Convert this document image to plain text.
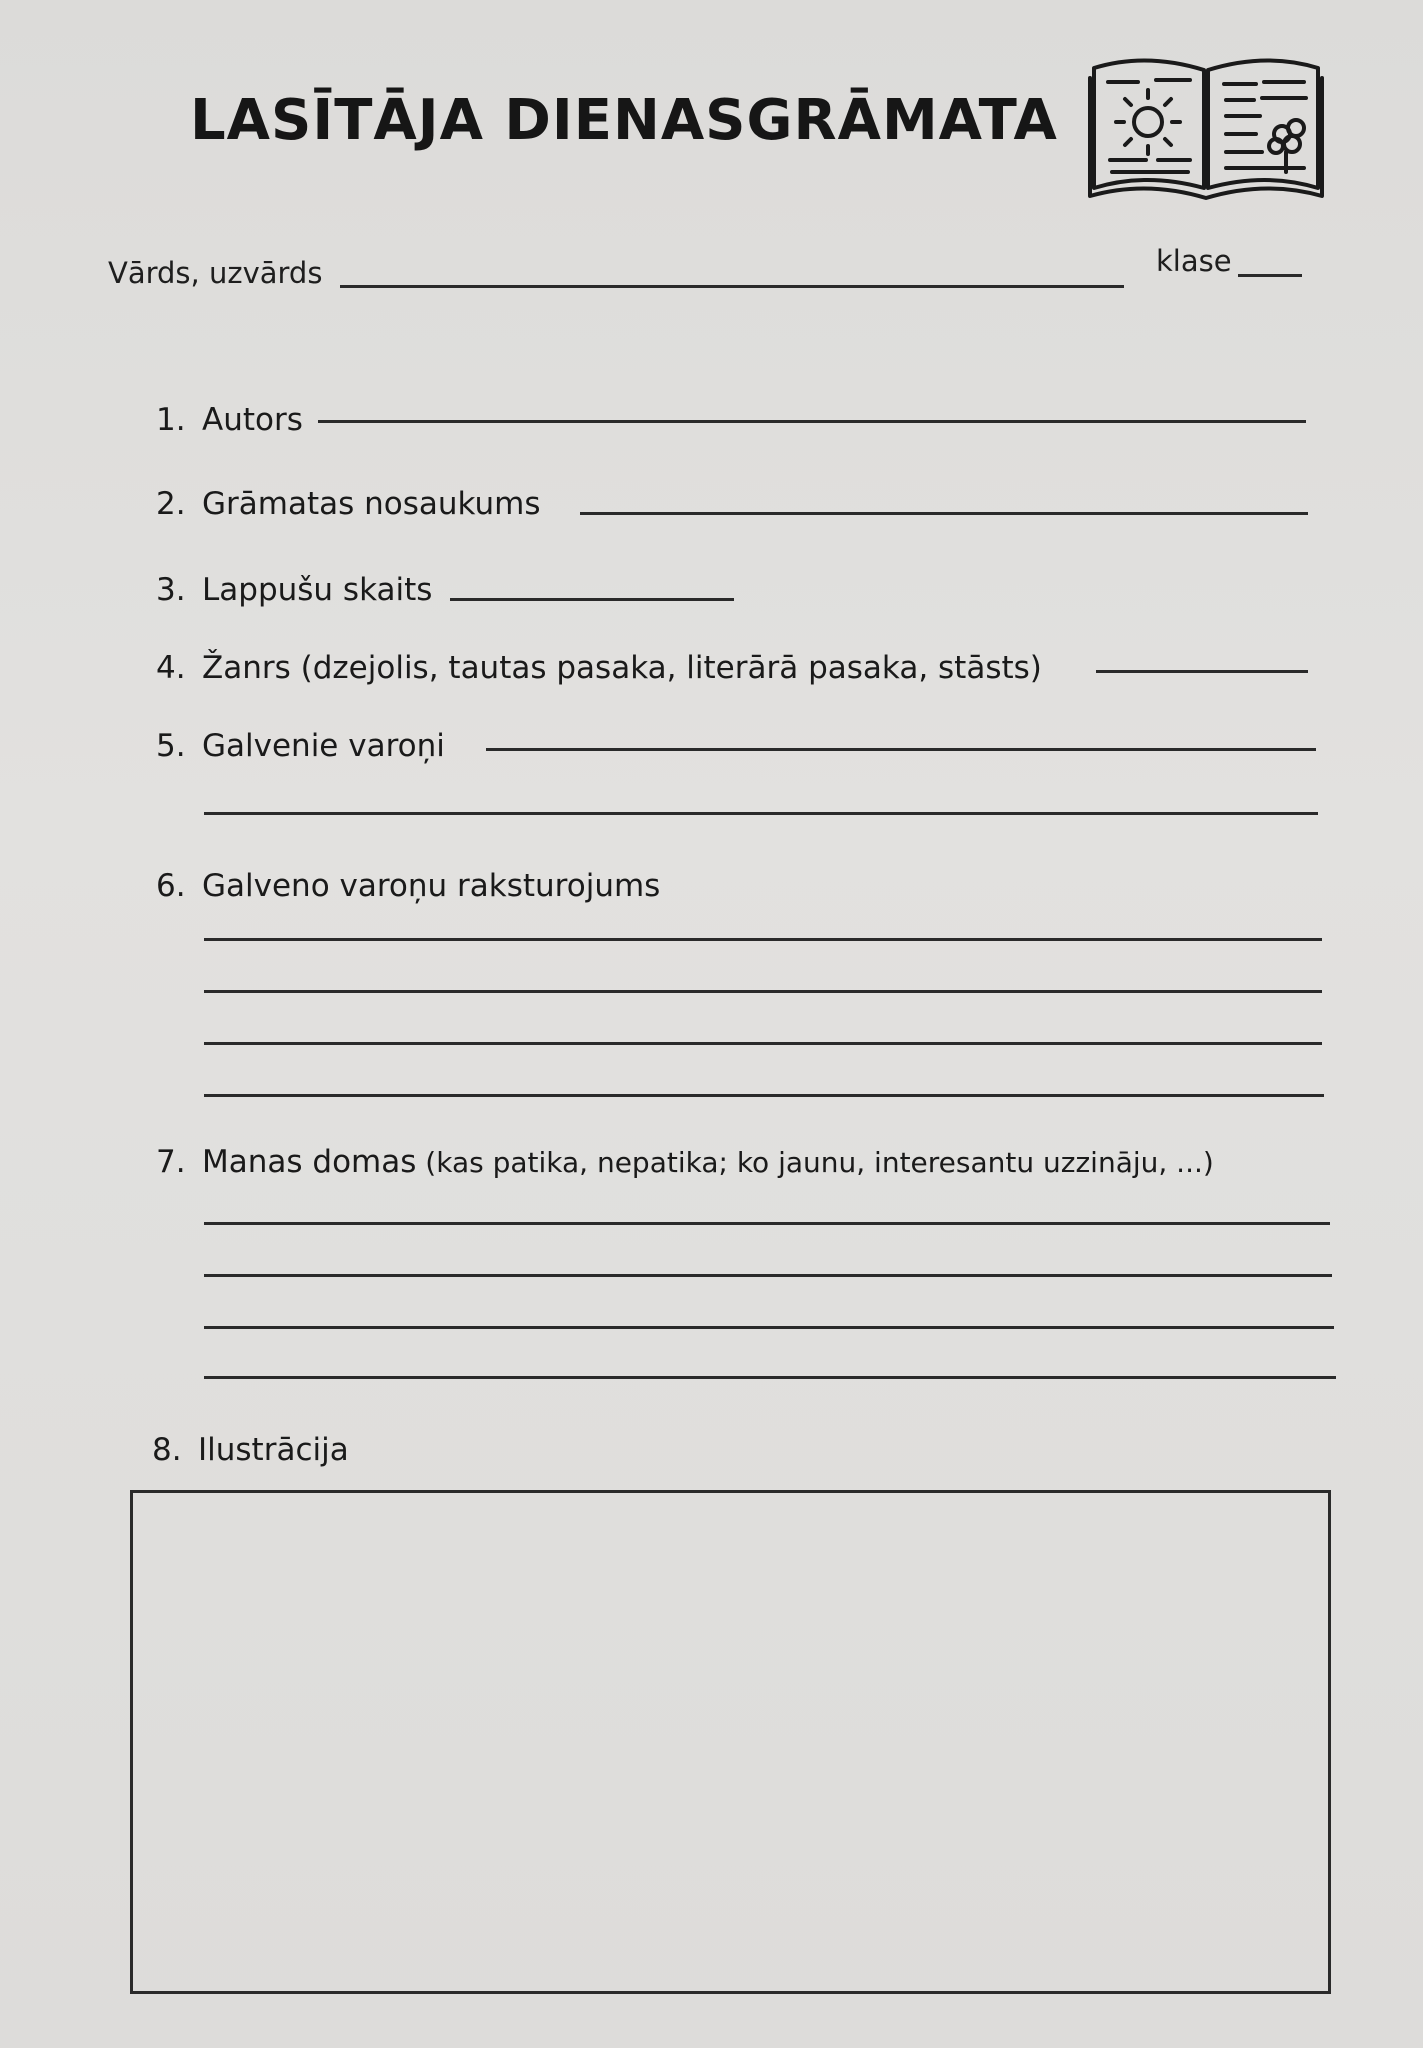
LASĪTĀJA DIENASGRĀMATA
Vārds, uzvārds	klase
1. Autors
2. Grāmatas nosaukums
3. Lappušu skaits
4. Žanrs (dzejolis, tautas pasaka, literārā pasaka, stāsts)
5. Galvenie varoņi
6. Galveno varoņu raksturojums
7. Manas domas (kas patika, nepatika; ko jaunu, interesantu uzzināju, ...)
8. Ilustrācija
